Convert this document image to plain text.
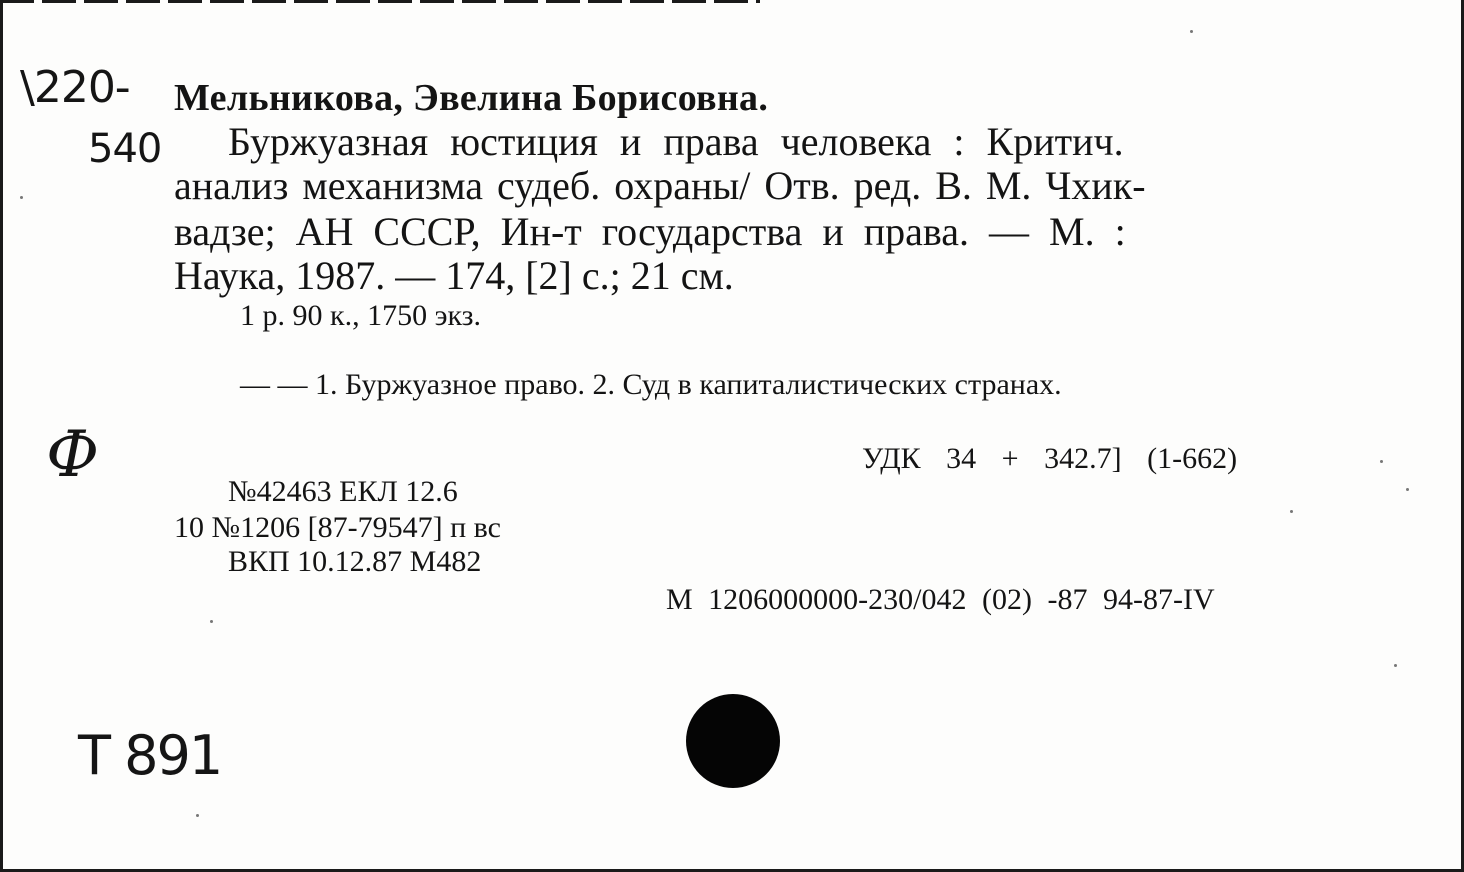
\220-
540
Мельникова, Эвелина Борисовна.
Буржуазная юстиция и права человека : Критич.
анализ механизма судеб. охраны/ Отв. ред. В. М. Чхик-
вадзе; АН СССР, Ин-т государства и права. — М. :
Наука, 1987. — 174, [2] с.; 21 см.
1 р. 90 к., 1750 экз.
— — 1. Буржуазное право. 2. Суд в капиталистических странах.
Ф	УДК 34 + 342.7] (1-662)
№42463 ЕКЛ 12.6
10 №1206 [87-79547] п вс
ВКП 10.12.87 М482
М 1206000000-230/042 (02) -87 94-87-IV
Т 891
